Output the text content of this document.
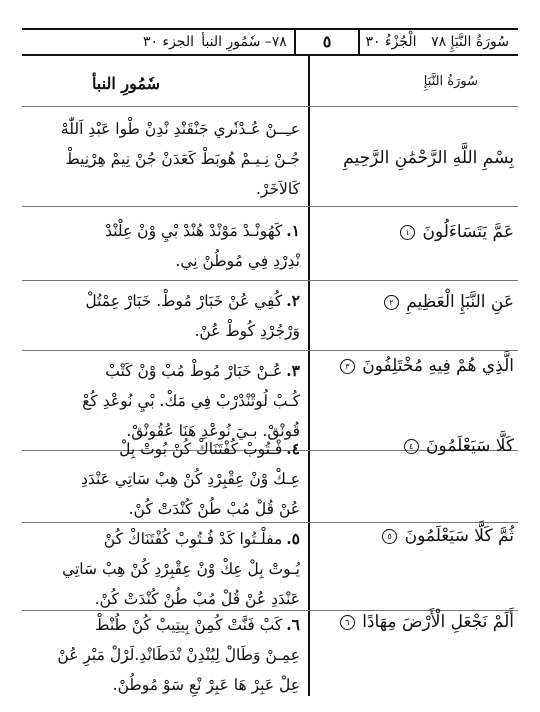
سُورَةُ النَّبَإِ ٧٨
الْجُزْءُ ٣٠
٥
٧٨– سٗمُورِ النبأ
الجزء ٣٠
سُورَةُ النَّبَإِ
سٗمُورِ النبأ
بِسْمِ اللَّهِ الرَّحْمَٰنِ الرَّحِيمِ
عـِــنْ عُـدْنٗري جَنْقَنْدِ نْدِنْ طْوا عَبْدِ اَللّٰهْ
جُـنْ نِـيـمْ هُوبَطْ كَعَدَنْ جُنْ نِيمْ هِرْنِيطْ
كَالاَخَرْ.
عَمَّ يَتَسَاءَلُونَ ١
١.كَهُونْـدْ مَوْنْدْ هُنْدْ بْيِ وْنْ عِلْنْدْ
نْدِرْدِ فِي مُوطُنْ نِي.
عَنِ النَّبَإِ الْعَظِيمِ ٢
٢.كُفِي عُنْ خَبَارْ مُوطْ. خَبَارْ عِمْتُلْ
وَرْجُرْدِ كُوطْ عُنْ.
الَّذِي هُمْ فِيهِ مُخْتَلِفُونَ ٣
٣.عُـنْ خَبَارْ مُوطْ مُبْ وْنْ كَتْبْ
كُـبْ لُوتْنْدْرْبْ فِي مَكْ. بْيِ نُوعْدِ كُعْ
قُونْقْ. بـيَ نُوعْدِ هَنَا عُقُونْقْ.
كَلَّا سَيَعْلَمُونَ ٤
٤.فْـتُوبْ كُفْتَنَاكْ كُنْ بُوتْ بِلْ
عِـكْ وْنْ عِقْبِرْدِ كُنْ هِبْ سَاتِي عَنْدَدِ
عُنْ قُلْ مُبْ طُنْ كُنْدَتْ كُنْ.
ثُمَّ كَلَّا سَيَعْلَمُونَ ٥
٥.مفلْـتُوا كَدْ فُـتُوبْ كُفْتَنَاكْ كُنْ
يُـوتْ بِلْ عِكْ وْنْ عِقْبِرْدِ كُنْ هِبْ سَاتِي
عَنْدَدِ عُنْ قُلْ مُبْ طُنْ كُنْدَتْ كُنْ.
أَلَمْ نَجْعَلِ الْأَرْضَ مِهَادًا ٦
٦.كَبْ فَنَّتْ كُمِنْ بِيتِيبْ كُنْ طُنْطْ
عِمِـنْ وَطَالْ لِيُنْدِنْ نْدَطَانْدِ.لَرْلْ مَبْرِ عُنْ
عِلْ عَبِرْ هَا عَبِرْ نْعِ سَوْ مُوطُنْ.
